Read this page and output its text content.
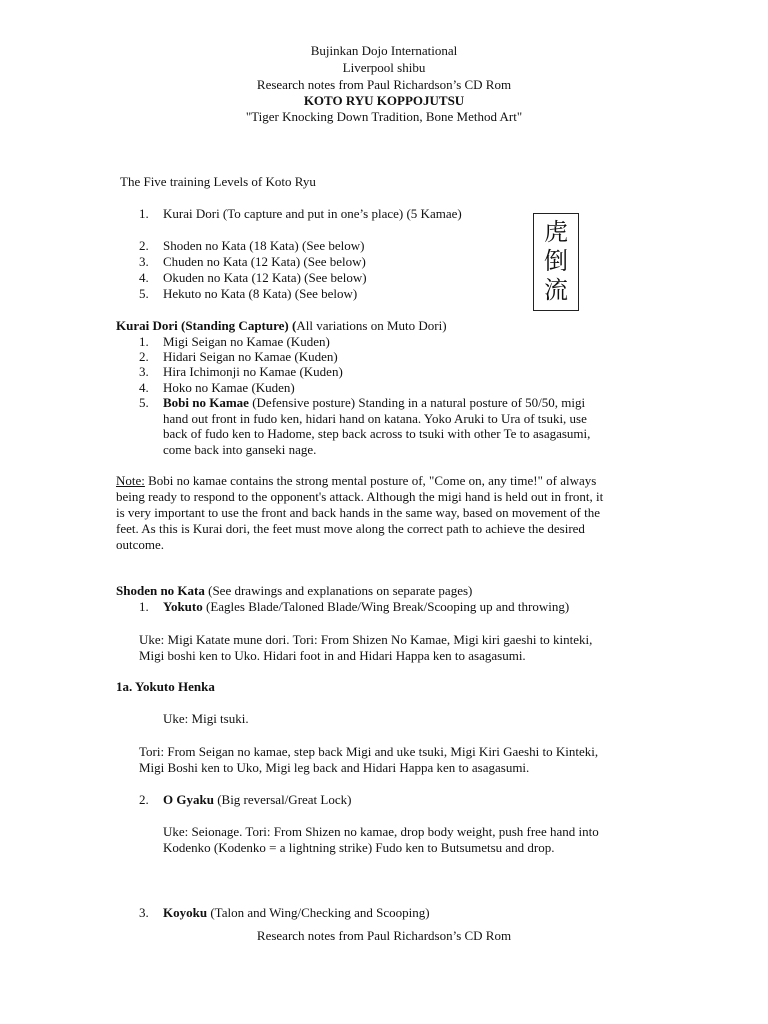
Bujinkan Dojo International
Liverpool shibu
Research notes from Paul Richardson’s CD Rom
KOTO RYU KOPPOJUTSU
"Tiger Knocking Down Tradition, Bone Method Art"
The Five training Levels of Koto Ryu
1. Kurai Dori (To capture and put in one’s place) (5 Kamae)
2. Shoden no Kata (18 Kata) (See below)
3. Chuden no Kata (12 Kata) (See below)
4. Okuden no Kata (12 Kata) (See below)
5. Hekuto no Kata (8 Kata) (See below)
虎
倒
流
Kurai Dori (Standing Capture) (All variations on Muto Dori)
1. Migi Seigan no Kamae (Kuden)
2. Hidari Seigan no Kamae (Kuden)
3. Hira Ichimonji no Kamae (Kuden)
4. Hoko no Kamae (Kuden)
5. Bobi no Kamae (Defensive posture) Standing in a natural posture of 50/50, migi
hand out front in fudo ken, hidari hand on katana. Yoko Aruki to Ura of tsuki, use
back of fudo ken to Hadome, step back across to tsuki with other Te to asagasumi,
come back into ganseki nage.
Note: Bobi no kamae contains the strong mental posture of, "Come on, any time!" of always
being ready to respond to the opponent's attack. Although the migi hand is held out in front, it
is very important to use the front and back hands in the same way, based on movement of the
feet. As this is Kurai dori, the feet must move along the correct path to achieve the desired
outcome.
Shoden no Kata (See drawings and explanations on separate pages)
1. Yokuto (Eagles Blade/Taloned Blade/Wing Break/Scooping up and throwing)
Uke: Migi Katate mune dori. Tori: From Shizen No Kamae, Migi kiri gaeshi to kinteki,
Migi boshi ken to Uko. Hidari foot in and Hidari Happa ken to asagasumi.
1a. Yokuto Henka
Uke: Migi tsuki.
Tori: From Seigan no kamae, step back Migi and uke tsuki, Migi Kiri Gaeshi to Kinteki,
Migi Boshi ken to Uko, Migi leg back and Hidari Happa ken to asagasumi.
2. O Gyaku (Big reversal/Great Lock)
Uke: Seionage. Tori: From Shizen no kamae, drop body weight, push free hand into
Kodenko (Kodenko = a lightning strike) Fudo ken to Butsumetsu and drop.
3. Koyoku (Talon and Wing/Checking and Scooping)
Research notes from Paul Richardson’s CD Rom
